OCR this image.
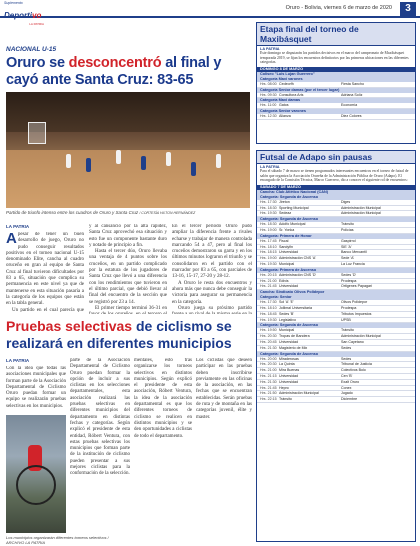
Suplemento
Deportivo
LA PATRIA
Oruro - Bolivia, viernes 6 de marzo de 2020	3
NACIONAL U-15
Oruro se desconcentró al final y cayó ante Santa Cruz: 83-65
Partido de triunfo intenso entre los cuadros de Oruro y Santa Cruz / CORTESÍA HILTON HERNÁNDEZ
LA PATRIA
Apesar de tener un buen desarrollo de juego, Oruro no pudo conseguir resultados positivos en el torneo nacional U-15 denominado Elite, cancha al cuadro oruceño en gran al equipo de Santa Cruz al final tuvieron dificultades por 83 a 65, situación que complica su permanencia en este nivel ya que de mantenerse en esta situación pasaría a la categoría de los equipos que están en la tabla general.
Un partido en el cual parecía que
y al cansancio por la alta rapidez, Santa Cruz aprovechó esa situación y esto fue un componente bastante duro y notado de principio a fin.
Hasta el tercer dúo, Oruro llevaba una ventaja de 4 puntos sobre los cruceños, en un partido complicado por la estatura de los jugadores de Santa Cruz que llevó a una diferencia con los rendimientos que tuvieron en el último parcial, que debió llevar al final del encuentro de la sección que se registró por 23 a 14.
El primer tiempo terminó 36-31 en
En el tercer período Oruro pudo ampliar la diferencia frente a rivales echarse y trabajar de manera controlada marcando 54 a 47, pero al final los cruceños demostraron su garra y en los últimos minutos lograron el triunfo y se consolidaron en el partido con el marcador por 83 a 65, con parciales de 13-16, 15-17, 27-20 y 28-12.
A Oruro le resta dos encuentros y ahora más que nunca debe conseguir la victoria para asegurar su permanencia en la categoría.
Oruro juega su próximo partido
Pruebas selectivas de ciclismo se realizará en diferentes municipios
LA PATRIA
Con la idea que todas las asociaciones municipales que forman parte de la Asociación Departamental de Ciclismo Oruro puedan formar un equipo se realizarán pruebas selectivas en los municipios.
Los municipios organizarán diferentes torneos selectivos / ARCHIVO LA PATRIA
parte de la Asociación Departamental de Ciclismo Oruro puedan formar la opción de incluir a sus ciclistas en los selecciones departamentales, esta asociación realizará las pruebas selectivas en diferentes municipios del departamento en distintas fechas y categorías. Según explicó el presidente de esta entidad, Róbert Ventura, con estas pruebas selectivas los municipios que forman parte de la institución de ciclismo pueden presentar a sus mejores ciclistas para la conformación de la selección.
mentales, esto tras organizarse los torneos selectivos en distintos municipios. Según explicó el presidente de esta asociación, Róbert Ventura, la idea de la asociación departamental es que los diferentes torneos de ciclismo se realicen en distintos municipios y se den oportunidades a ciclistas de todo el departamento.
Los ciclistas que deseen participar en las pruebas deben inscribirse previamente en las oficinas de la asociación, en las fechas que se encuentran establecidas. Serán pruebas de ruta y de montaña en las categorías juvenil, élite y master.
Etapa final del torneo de Maxibásquet
LA PATRIA
Este domingo se disputarán los partidos decisivos en el marco del campeonato de Maxibásquet temporada 2019, se fijan los encuentros definitorios por las primeras ubicaciones en las diferentes categorías.
DOMINGO 8 DE MARZO
Coliseo "Luis Lujan Guerrero"
Categoría Maxi varones
Hrs. 08:00 Cedeorfh	Fiesta Sancho
Categoría Senior damas (por el tercer lugar)
Hrs. 09:30 Consultora Aris	Adriana Solíz
Categoría Maxi damas
Hrs. 11:00 Gatos	Economía
Categoría Senior varones
Hrs. 12:30 Alianza	Diez Colores
Futsal de Adapo sin pausas
LA PATRIA
Para el sábado 7 de marzo se tienen programados interesantes encuentros en el torneo de futsal de salón que organiza la Asociación Orureña de la Administración Pública de Oruro (Adapo). El encargado de la Comisión Técnica, Marco Guerrero, dio a conocer el siguiente rol de encuentros:
SÁBADO 7 DE MARZO
Cancha: Club Atlético Nacional (CAN)
Categoría: Segunda de Ascenso
Hrs. 17:30 Jireton	Diges
Hrs. 18:30 Sporting Municipal	Administración Municipal
Hrs. 19:30 Sedeaz	Administración Municipal
Categoría: Segunda de Ascenso
Hrs. 18:30 Adolfo Municipal	Tránsito
Hrs. 19:00 Sr. Yonka	Policías
Categoría: Primera de Honor
Hrs. 17:45 Fiscal	Gaspirrol
Hrs. 18:10 Sandyfin	SIE 'A'
Hrs. 18:15 Universidad	Banco Mercantil
Hrs. 19:00 Administración CNS 'A'	Sede 'A'
Hrs. 19:30 Municipal	La Luz Francia
Categoría: Primera de Ascenso
Hrs. 20:15 Administración CNS 'D'	Sedes 'D'
Hrs. 21:00 Edivis	Prodespa
Hrs. 21:45 Universidad	Ortigenes Papagari
Cancha: Sindicato Olivos Polidepor
Categoría: Senior
Hrs. 17:30 Sol 'A' 'E'	Olivos Polidepor
Hrs. 18:10 Jollimal Universitaria	Prodespa
Hrs. 18:45 Sedes 'B'	Tributos Impuestos
Hrs. 19:30 Legislativo	UPSB
Categoría: Segunda de Ascenso
Hrs. 19:50 Municipal	Tránsito
Hrs. 20:30 Tropas de Bandera	Administración Municipal
Hrs. 20:45 Universidad	San Cayetano
Hrs. 21:30 Magisterio de Mix	Sedes
Categoría: Segunda de Ascenso
Hrs. 20:00 Miraderosas	Sedes
Hrs. 20:30 La Quinta	Tribunal de Justicia
Hrs. 21:00 Mira Buenas	Colectivos Bolo
Hrs. 21:15 Universidad	Cen 'B'
Hrs. 21:30 Universidad	Exalt Oruro
Hrs. 21:45 Hepro	Conex
Hrs. 21:50 Administración Municipal	Jugado
Hrs. 22:15 Tránsito	Diciembre
